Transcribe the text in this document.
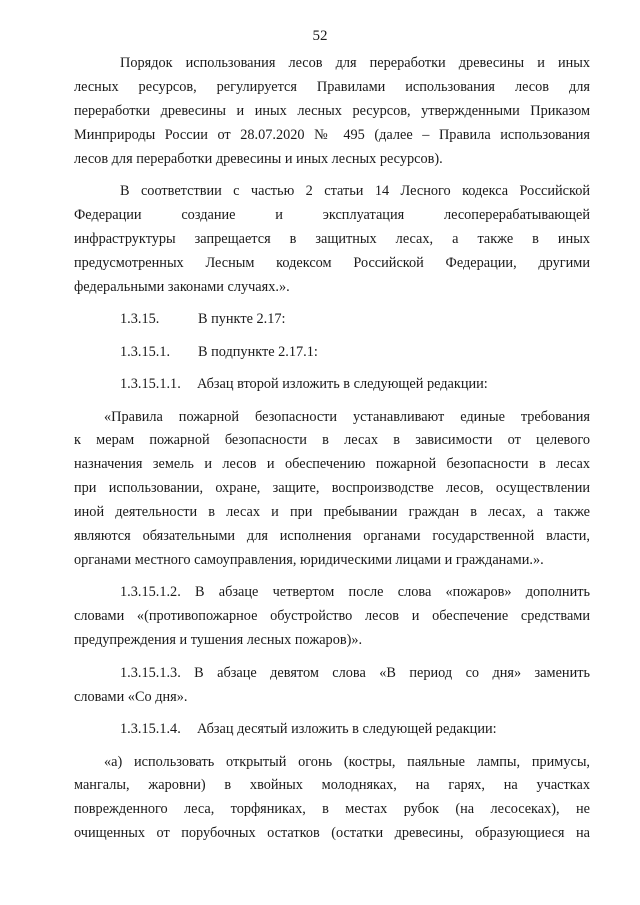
52
Порядок использования лесов для переработки древесины и иных
лесных ресурсов, регулируется Правилами использования лесов для
переработки древесины и иных лесных ресурсов, утвержденными Приказом
Минприроды России от 28.07.2020 № 495 (далее – Правила использования
лесов для переработки древесины и иных лесных ресурсов).
В соответствии с частью 2 статьи 14 Лесного кодекса Российской
Федерации создание и эксплуатация лесоперерабатывающей
инфраструктуры запрещается в защитных лесах, а также в иных
предусмотренных Лесным кодексом Российской Федерации, другими
федеральными законами случаях.».
1.3.15.	В пункте 2.17:
1.3.15.1. В подпункте 2.17.1:
1.3.15.1.1. Абзац второй изложить в следующей редакции:
«Правила пожарной безопасности устанавливают единые требования
к мерам пожарной безопасности в лесах в зависимости от целевого
назначения земель и лесов и обеспечению пожарной безопасности в лесах
при использовании, охране, защите, воспроизводстве лесов, осуществлении
иной деятельности в лесах и при пребывании граждан в лесах, а также
являются обязательными для исполнения органами государственной власти,
органами местного самоуправления, юридическими лицами и гражданами.».
1.3.15.1.2. В абзаце четвертом после слова «пожаров» дополнить
словами «(противопожарное обустройство лесов и обеспечение средствами
предупреждения и тушения лесных пожаров)».
1.3.15.1.3. В абзаце девятом слова «В период со дня» заменить
словами «Со дня».
1.3.15.1.4. Абзац десятый изложить в следующей редакции:
«а) использовать открытый огонь (костры, паяльные лампы, примусы,
мангалы, жаровни) в хвойных молодняках, на гарях, на участках
поврежденного леса, торфяниках, в местах рубок (на лесосеках), не
очищенных от порубочных остатков (остатки древесины, образующиеся на
